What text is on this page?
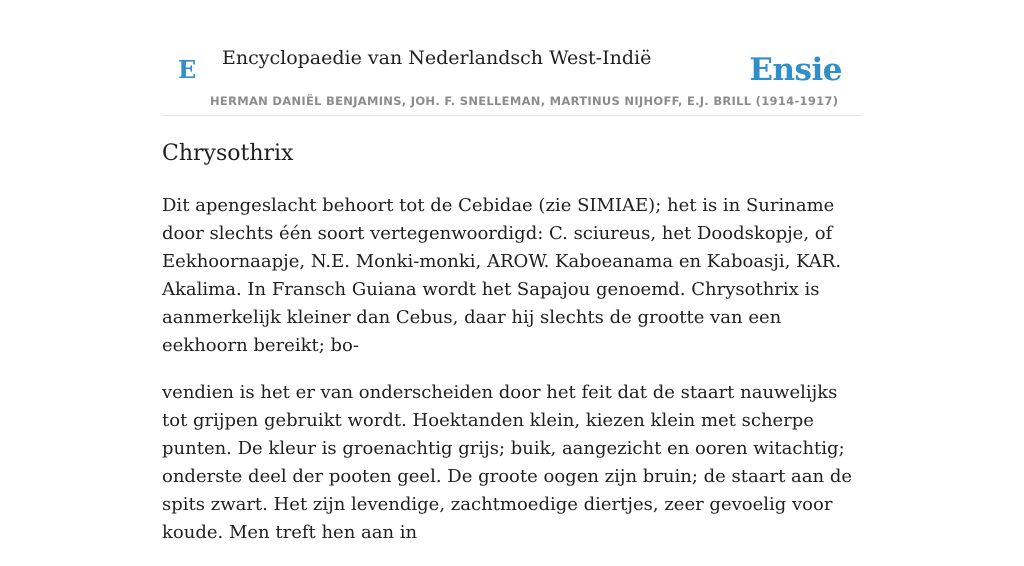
E Encyclopaedie van Nederlandsch West-Indië	Ensie
HERMAN DANIËL BENJAMINS, JOH. F. SNELLEMAN, MARTINUS NIJHOFF, E.J. BRILL (1914-1917)
Chrysothrix

Dit apengeslacht behoort tot de Cebidae (zie SIMIAE); het is in Suriname door slechts één soort vertegenwoordigd: C. sciureus, het Doodskopje, of Eekhoornaapje, N.E. Monki-monki, AROW. Kaboeanama en Kaboasji, KAR. Akalima. In Fransch Guiana wordt het Sapajou genoemd. Chrysothrix is aanmerkelijk kleiner dan Cebus, daar hij slechts de grootte van een eekhoorn bereikt; bo-

vendien is het er van onderscheiden door het feit dat de staart nauwelijks tot grijpen gebruikt wordt. Hoektanden klein, kiezen klein met scherpe punten. De kleur is groenachtig grijs; buik, aangezicht en ooren witachtig; onderste deel der pooten geel. De groote oogen zijn bruin; de staart aan de spits zwart. Het zijn levendige, zachtmoedige diertjes, zeer gevoelig voor koude. Men treft hen aan in
